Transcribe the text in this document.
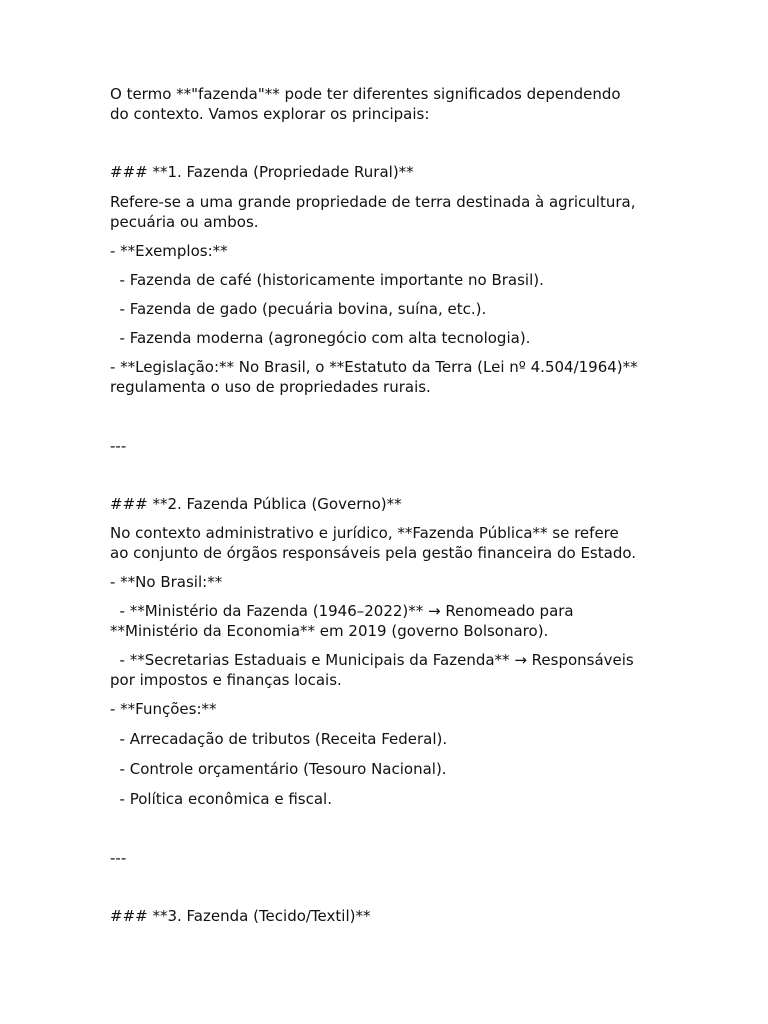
O termo **"fazenda"** pode ter diferentes significados dependendo

do contexto. Vamos explorar os principais:

### **1. Fazenda (Propriedade Rural)**

Refere-se a uma grande propriedade de terra destinada à agricultura,

pecuária ou ambos.

- **Exemplos:**

- Fazenda de café (historicamente importante no Brasil).

- Fazenda de gado (pecuária bovina, suína, etc.).

- Fazenda moderna (agronegócio com alta tecnologia).

- **Legislação:** No Brasil, o **Estatuto da Terra (Lei nº 4.504/1964)**

regulamenta o uso de propriedades rurais.

---

### **2. Fazenda Pública (Governo)**

No contexto administrativo e jurídico, **Fazenda Pública** se refere

ao conjunto de órgãos responsáveis pela gestão financeira do Estado.

- **No Brasil:**

- **Ministério da Fazenda (1946–2022)** → Renomeado para

**Ministério da Economia** em 2019 (governo Bolsonaro).

- **Secretarias Estaduais e Municipais da Fazenda** → Responsáveis

por impostos e finanças locais.

- **Funções:**

- Arrecadação de tributos (Receita Federal).

- Controle orçamentário (Tesouro Nacional).

- Política econômica e fiscal.

---

### **3. Fazenda (Tecido/Textil)**
